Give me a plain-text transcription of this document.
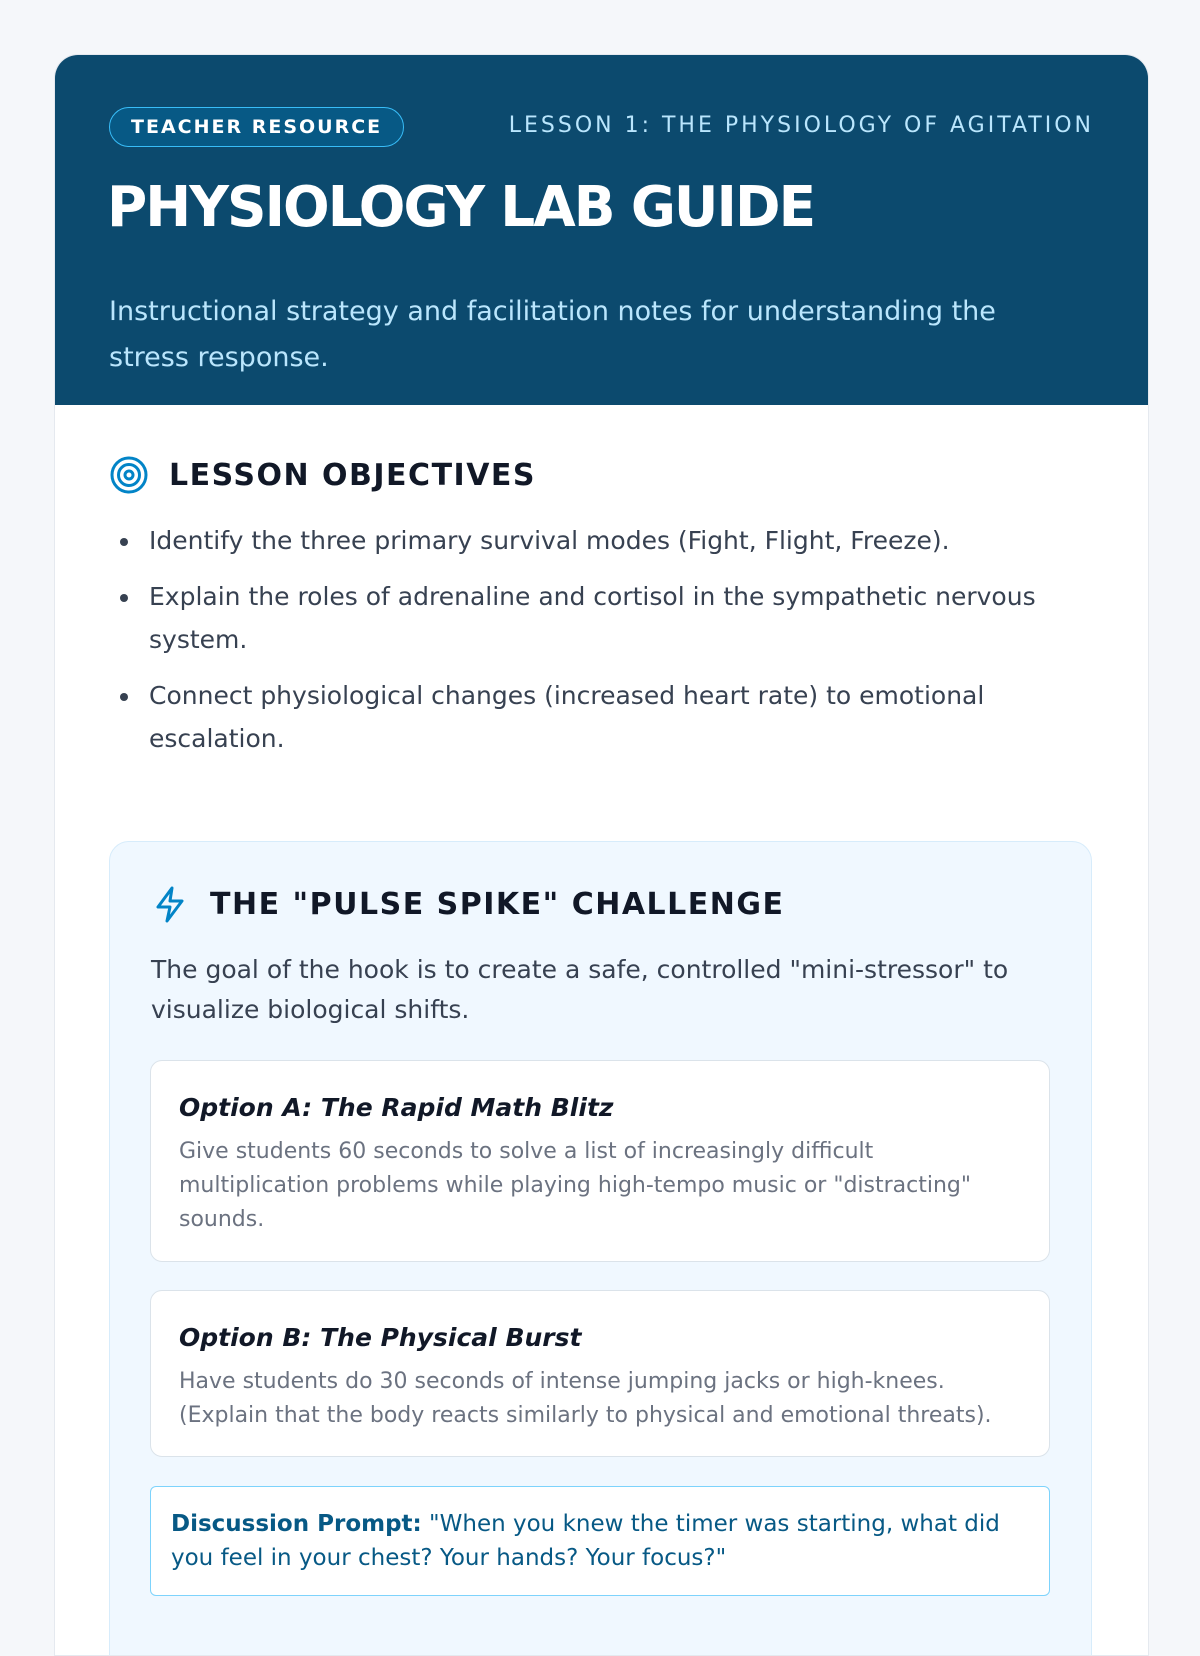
TEACHER RESOURCE	LESSON 1: THE PHYSIOLOGY OF AGITATION
PHYSIOLOGY LAB GUIDE

Instructional strategy and facilitation notes for understanding the stress response.

LESSON OBJECTIVES
Identify the three primary survival modes (Fight, Flight, Freeze).
Explain the roles of adrenaline and cortisol in the sympathetic nervous system.
Connect physiological changes (increased heart rate) to emotional escalation.
THE "PULSE SPIKE" CHALLENGE

The goal of the hook is to create a safe, controlled "mini-stressor" to visualize biological shifts.

Option A: The Rapid Math Blitz

Give students 60 seconds to solve a list of increasingly difficult multiplication problems while playing high-tempo music or "distracting" sounds.

Option B: The Physical Burst

Have students do 30 seconds of intense jumping jacks or high-knees. (Explain that the body reacts similarly to physical and emotional threats).

Discussion Prompt: "When you knew the timer was starting, what did you feel in your chest? Your hands? Your focus?"
